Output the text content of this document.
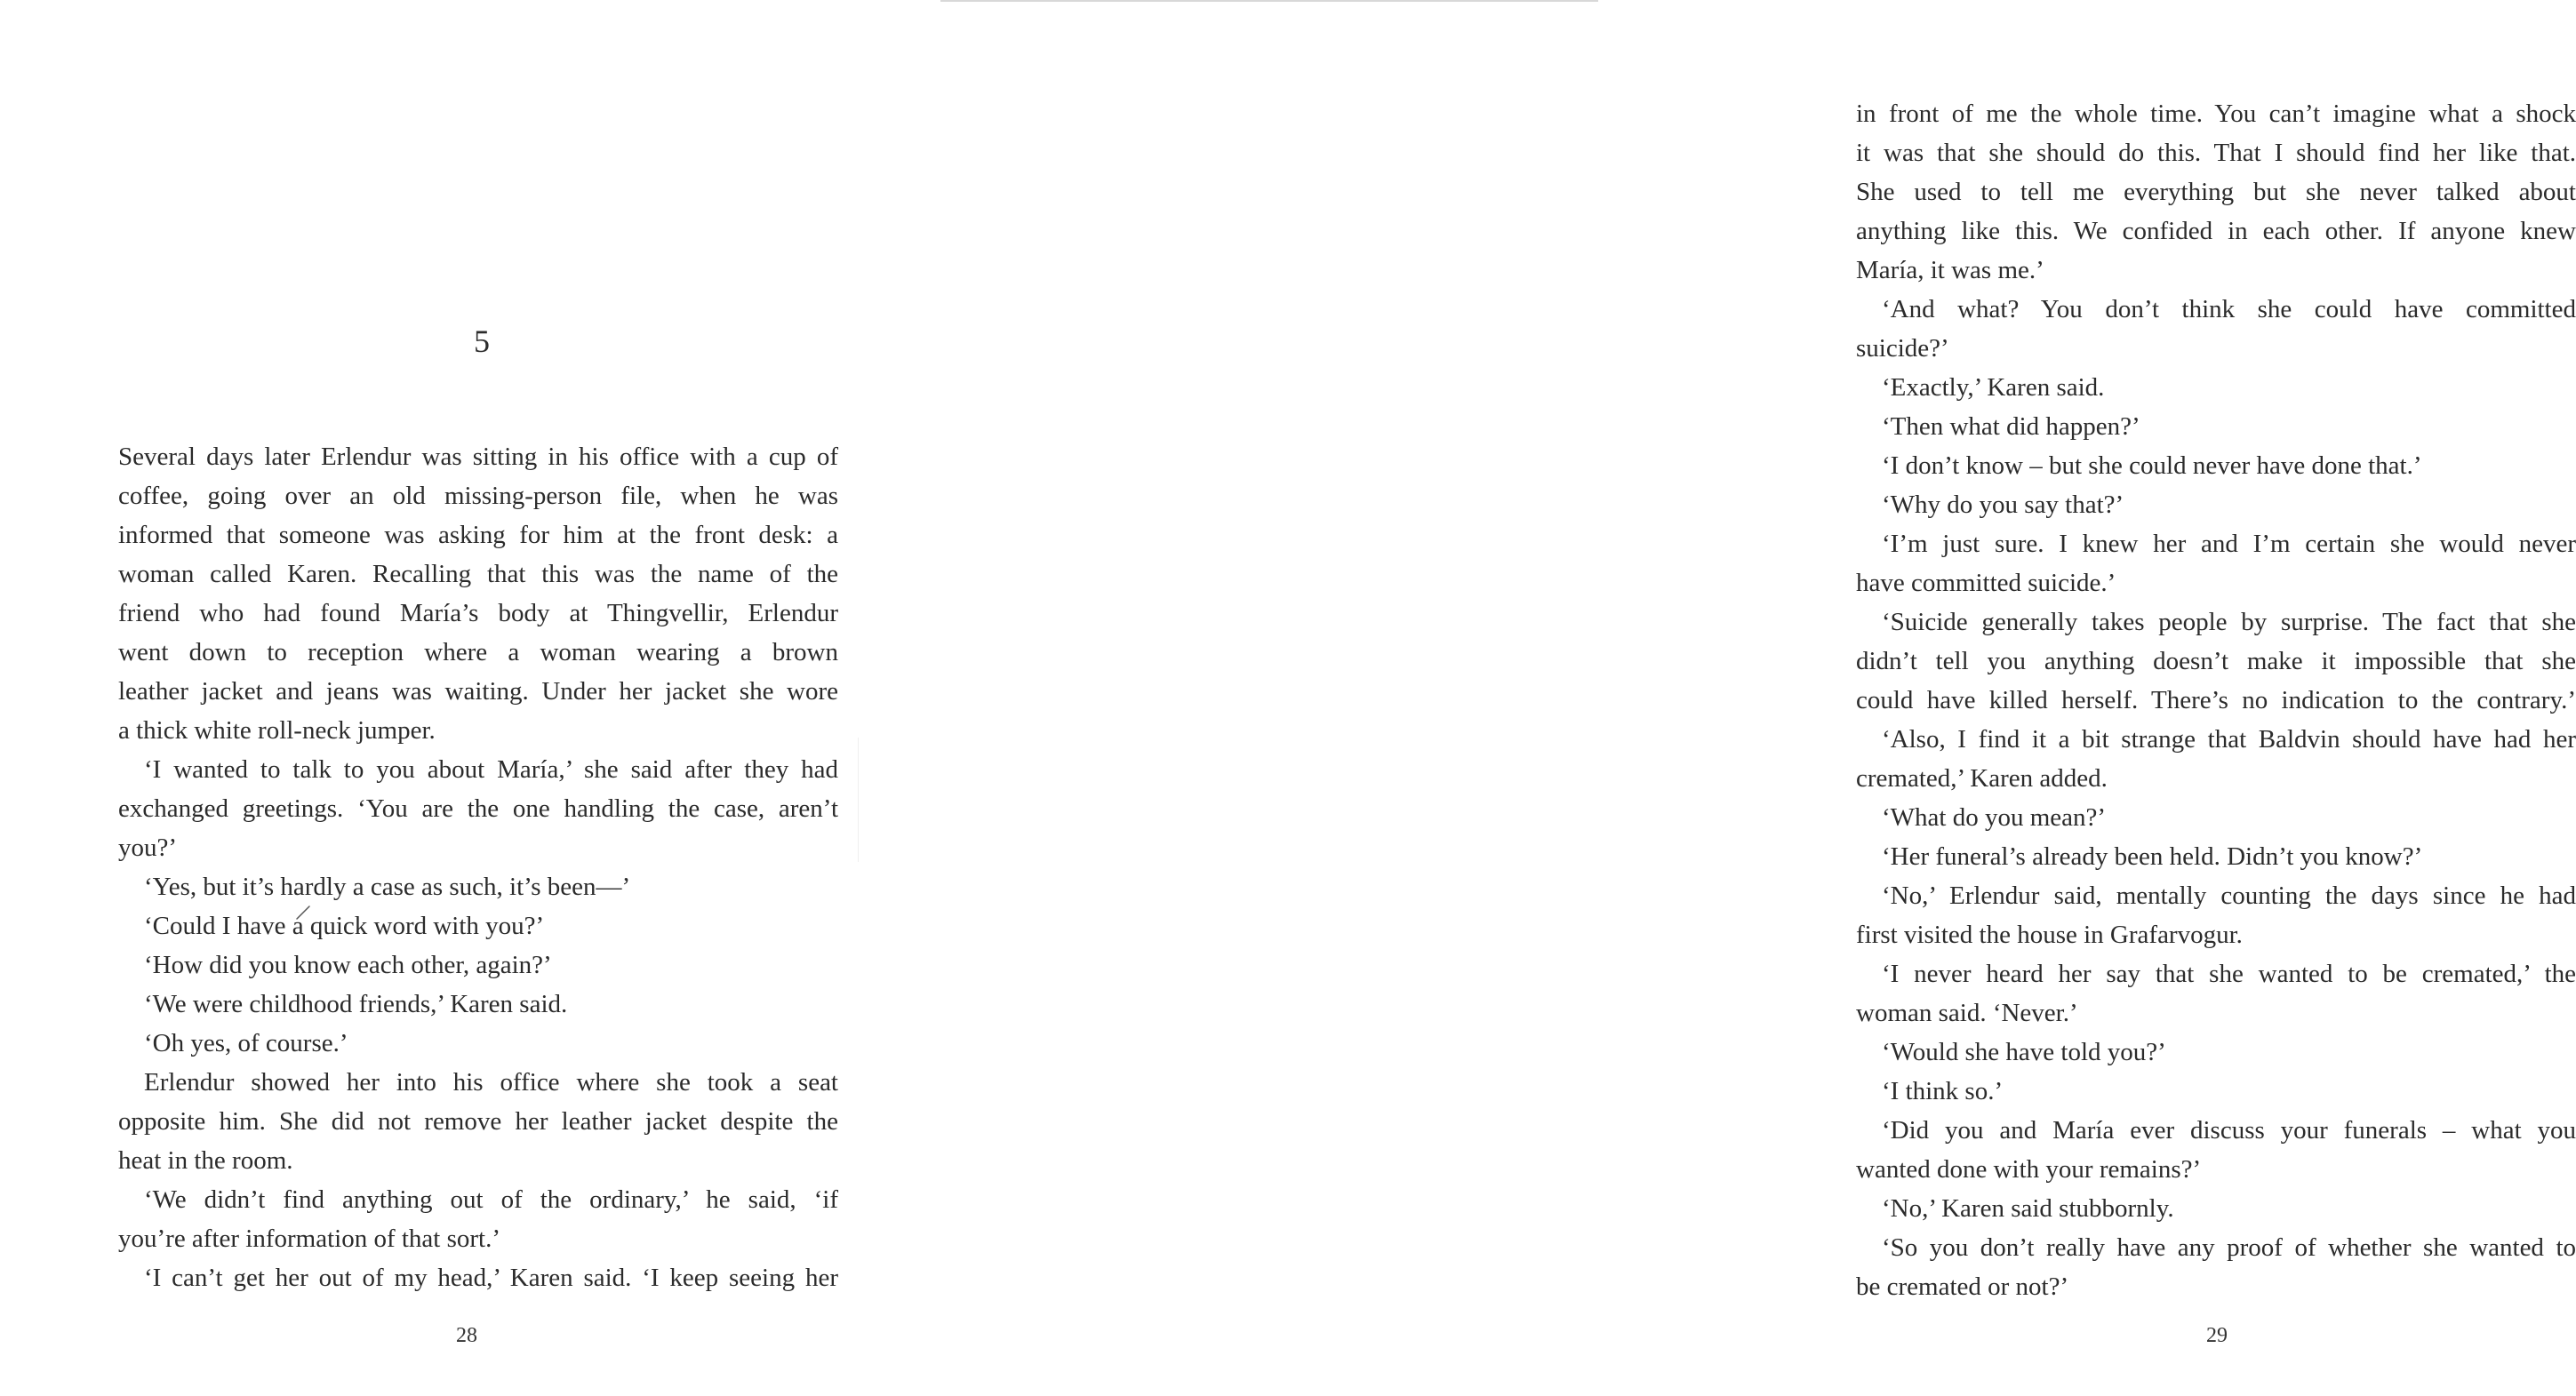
5
Several days later Erlendur was sitting in his office with a cup of
coffee, going over an old missing-person file, when he was
informed that someone was asking for him at the front desk: a
woman called Karen. Recalling that this was the name of the
friend who had found María’s body at Thingvellir, Erlendur
went down to reception where a woman wearing a brown
leather jacket and jeans was waiting. Under her jacket she wore
a thick white roll-neck jumper.
‘I wanted to talk to you about María,’ she said after they had
exchanged greetings. ‘You are the one handling the case, aren’t
you?’
‘Yes, but it’s hardly a case as such, it’s been—’
‘Could I have a quick word with you?’
‘How did you know each other, again?’
‘We were childhood friends,’ Karen said.
‘Oh yes, of course.’
Erlendur showed her into his office where she took a seat
opposite him. She did not remove her leather jacket despite the
heat in the room.
‘We didn’t find anything out of the ordinary,’ he said, ‘if
you’re after information of that sort.’
‘I can’t get her out of my head,’ Karen said. ‘I keep seeing her
28
in front of me the whole time. You can’t imagine what a shock
it was that she should do this. That I should find her like that.
She used to tell me everything but she never talked about
anything like this. We confided in each other. If anyone knew
María, it was me.’
‘And what? You don’t think she could have committed
suicide?’
‘Exactly,’ Karen said.
‘Then what did happen?’
‘I don’t know – but she could never have done that.’
‘Why do you say that?’
‘I’m just sure. I knew her and I’m certain she would never
have committed suicide.’
‘Suicide generally takes people by surprise. The fact that she
didn’t tell you anything doesn’t make it impossible that she
could have killed herself. There’s no indication to the contrary.’
‘Also, I find it a bit strange that Baldvin should have had her
cremated,’ Karen added.
‘What do you mean?’
‘Her funeral’s already been held. Didn’t you know?’
‘No,’ Erlendur said, mentally counting the days since he had
first visited the house in Grafarvogur.
‘I never heard her say that she wanted to be cremated,’ the
woman said. ‘Never.’
‘Would she have told you?’
‘I think so.’
‘Did you and María ever discuss your funerals – what you
wanted done with your remains?’
‘No,’ Karen said stubbornly.
‘So you don’t really have any proof of whether she wanted to
be cremated or not?’
29
